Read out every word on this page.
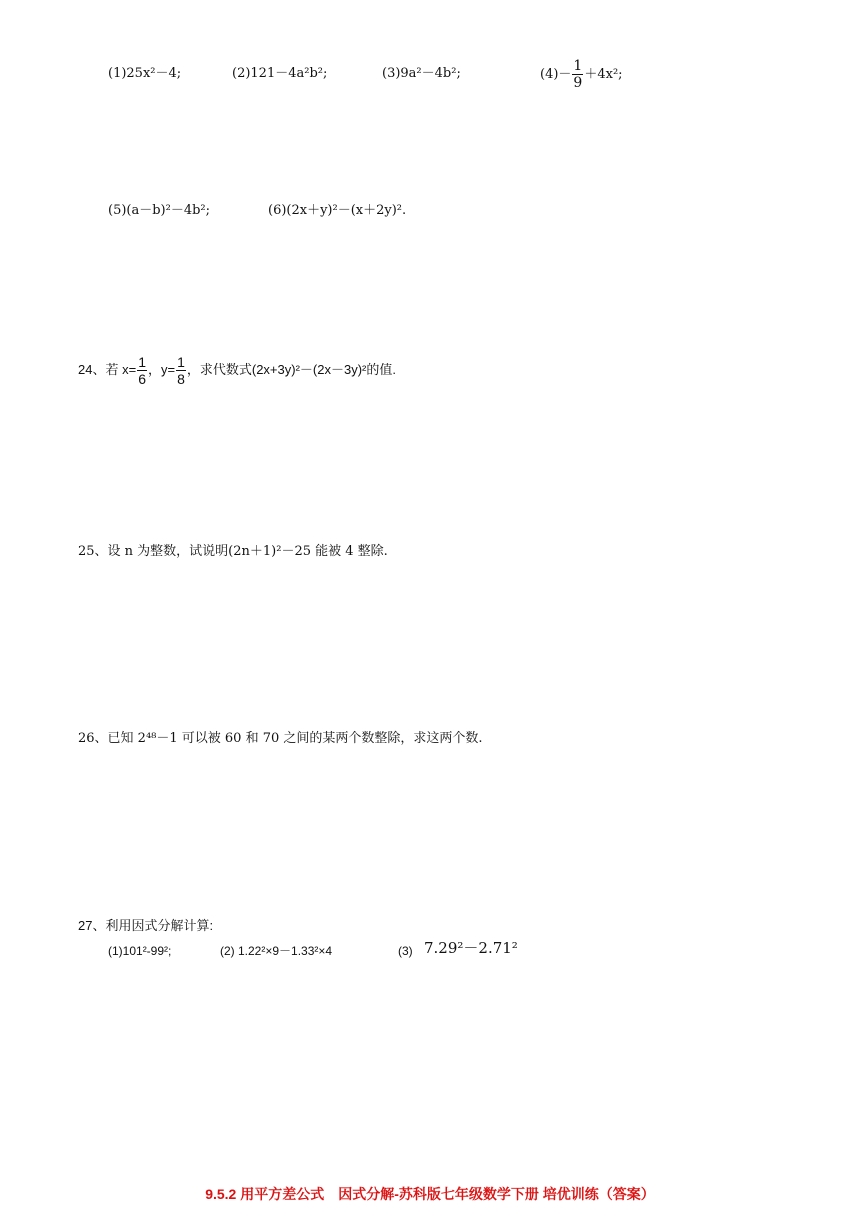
(1)25x²－4;	(2)121－4a²b²;	(3)9a²－4b²;	$(4)- \frac{1}{9} +4x^2$;
(5)(a－b)²－4b²;	(6)(2x＋y)²－(x＋2y)².
24、若 $x= \frac{1}{6}$ ，$y= \frac{1}{8}$ ，求代数式(2x+3y)²－(2x－3y)²的值.
25、设 n 为整数，试说明(2n＋1)²－25 能被 4 整除.
26、已知 2⁴⁸－1 可以被 60 和 70 之间的某两个数整除，求这两个数.
27、利用因式分解计算:
(1)101²-99²;	(2) 1.22²×9－1.33²×4	(3) 7.29²－2.71²
9.5.2 用平方差公式　因式分解-苏科版七年级数学下册 培优训练（答案）
